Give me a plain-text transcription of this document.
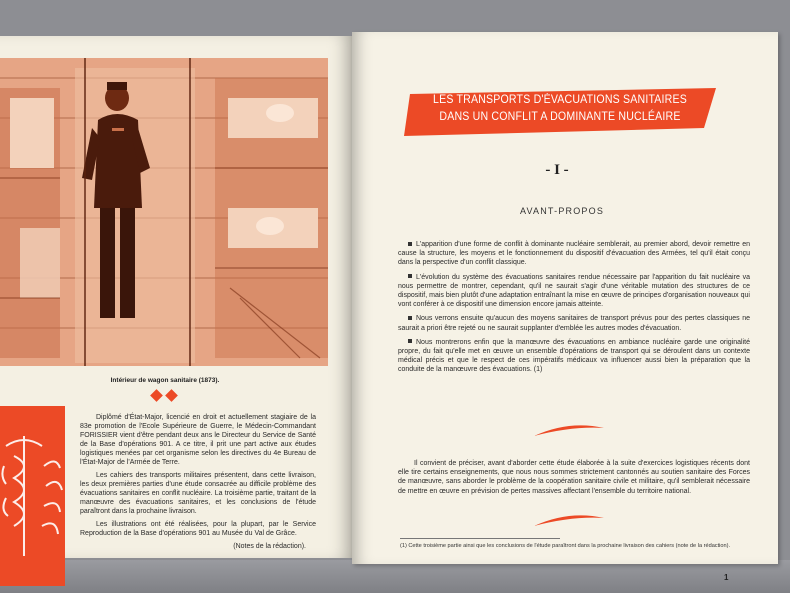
Intérieur de wagon sanitaire (1873).

Diplômé d'État-Major, licencié en droit et actuellement stagiaire de la 83e promotion de l'Ecole Supérieure de Guerre, le Médecin-Commandant FORISSIER vient d'être pendant deux ans le Directeur du Service de Santé de la Base d'opérations 901. A ce titre, il prit une part active aux études logistiques menées par cet organisme selon les directives du 4e Bureau de l'État-Major de l'Armée de Terre.

Les cahiers des transports militaires présentent, dans cette livraison, les deux premières parties d'une étude consacrée au difficile problème des évacuations sanitaires en conflit nucléaire. La troisième partie, traitant de la manœuvre des évacuations sanitaires, et les conclusions de l'étude paraîtront dans la prochaine livraison.

Les illustrations ont été réalisées, pour la plupart, par le Service Reproduction de la Base d'opérations 901 au Musée du Val de Grâce.

(Notes de la rédaction).

LES TRANSPORTS D'ÉVACUATIONS SANITAIRES
DANS UN CONFLIT A DOMINANTE NUCLÉAIRE
- I -
AVANT-PROPOS

L'apparition d'une forme de conflit à dominante nucléaire semblerait, au premier abord, devoir remettre en cause la structure, les moyens et le fonctionnement du dispositif d'évacuation des Armées, tel qu'il était conçu dans la perspective d'un conflit classique.

L'évolution du système des évacuations sanitaires rendue nécessaire par l'apparition du fait nucléaire va nous permettre de montrer, cependant, qu'il ne saurait s'agir d'une véritable mutation des structures de ce dispositif, mais bien plutôt d'une adaptation entraînant la mise en œuvre de principes d'organisation nouveaux qui vont conférer à ce dispositif une dimension encore jamais atteinte.

Nous verrons ensuite qu'aucun des moyens sanitaires de transport prévus pour des pertes classiques ne saurait a priori être rejeté ou ne saurait supplanter d'emblée les autres modes d'évacuation.

Nous montrerons enfin que la manœuvre des évacuations en ambiance nucléaire garde une originalité propre, du fait qu'elle met en œuvre un ensemble d'opérations de transport qui se déroulent dans un contexte médical précis et que le respect de ces impératifs médicaux va influencer aussi bien la préparation que la conduite de la manœuvre des évacuations. (1)

Il convient de préciser, avant d'aborder cette étude élaborée à la suite d'exercices logistiques récents dont elle tire certains enseignements, que nous nous sommes strictement cantonnés au soutien sanitaire des Forces de manœuvre, sans aborder le problème de la coopération sanitaire civile et militaire, qu'il semblerait nécessaire de mettre en œuvre en prévision de pertes massives affectant l'ensemble du territoire national.

(1) Cette troisième partie ainsi que les conclusions de l'étude paraîtront dans la prochaine livraison des cahiers (note de la rédaction).
1
